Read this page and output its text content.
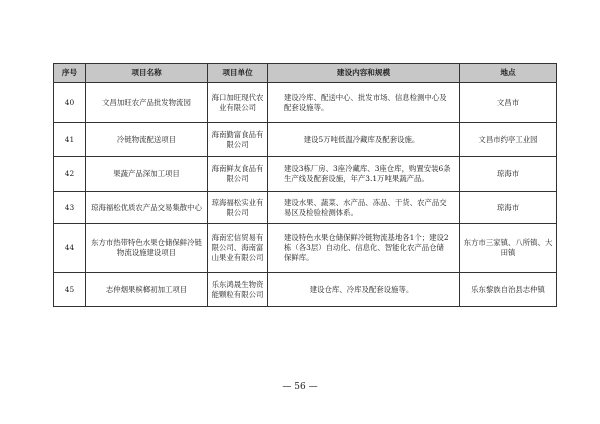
序号	项目名称	项目单位	建设内容和规模	地点
40	文昌加旺农产品批发物流园	海口加旺现代农业有限公司	建设冷库、配送中心、批发市场、信息检测中心及配套设施等。	文昌市
41	冷链物流配送项目	海南勤富食品有限公司	建设5万吨低温冷藏库及配套设施。	文昌市约亭工业园
42	果蔬产品深加工项目	海南鲜友食品有限公司	建设3栋厂房、3座冷藏库、3座仓库，购置安装6条生产线及配套设施，年产3.1万吨果蔬产品。	琼海市
43	琼海福松优质农产品交易集散中心	琼海福松实业有限公司	建设水果、蔬菜、水产品、冻品、干货、农产品交易区及检验检测体系。	琼海市
44	东方市热带特色水果仓储保鲜冷链物流设施建设项目	海南宏信贸易有限公司、海南富山果业有限公司	建设特色水果仓储保鲜冷链物流基地各1个；建设2栋（各3层）自动化、信息化、智能化农产品仓储保鲜库。	东方市三家镇、八所镇、大田镇
45	志仲烟果槟榔初加工项目	乐东鸿晟生物资能颗粒有限公司	建设仓库、冷库及配套设施等。	乐东黎族自治县志仲镇
— 56 —
